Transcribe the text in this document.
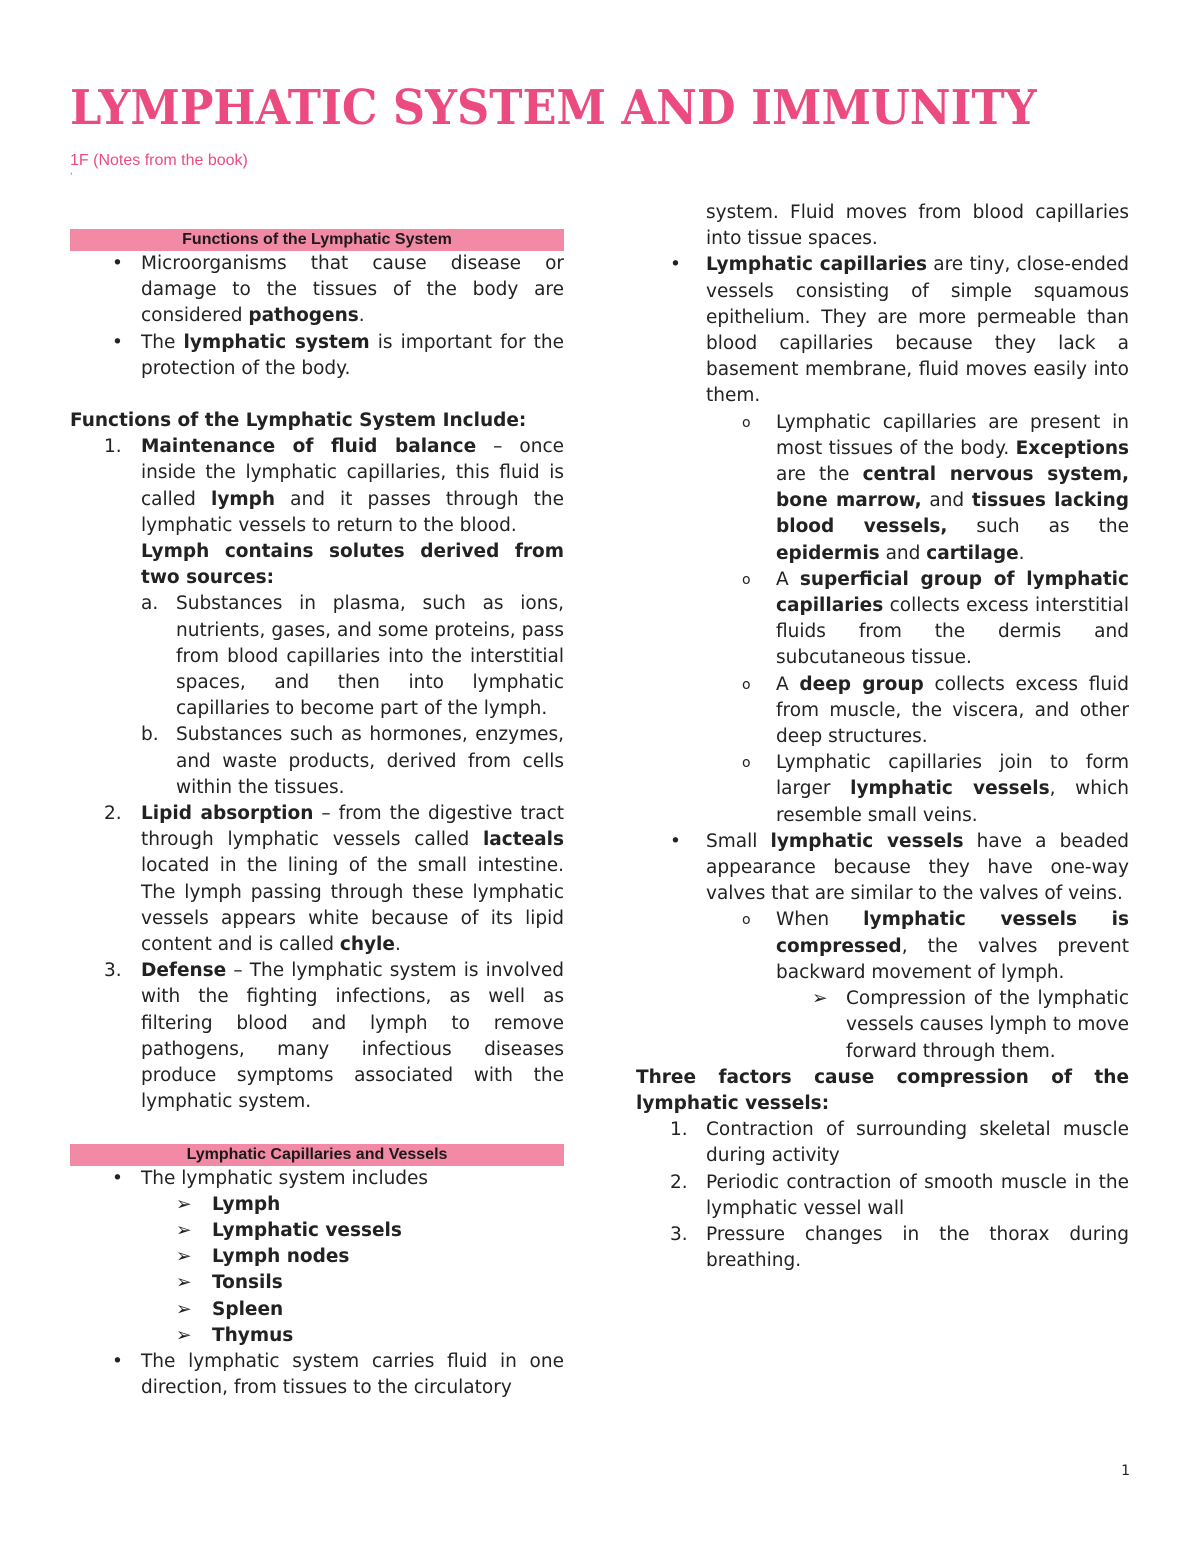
LYMPHATIC SYSTEM AND IMMUNITY
1F (Notes from the book)
'
Functions of the Lymphatic System
• Microorganisms that cause disease or damage to the tissues of the body are considered pathogens.

• The lymphatic system is important for the protection of the body.

Functions of the Lymphatic System Include:

1. Maintenance of fluid balance – once inside the lymphatic capillaries, this fluid is called lymph and it passes through the lymphatic vessels to return to the blood.

Lymph contains solutes derived from two sources:

a. Substances in plasma, such as ions, nutrients, gases, and some proteins, pass from blood capillaries into the interstitial spaces, and then into lymphatic capillaries to become part of the lymph.

b. Substances such as hormones, enzymes, and waste products, derived from cells within the tissues.

2. Lipid absorption – from the digestive tract through lymphatic vessels called lacteals located in the lining of the small intestine. The lymph passing through these lymphatic vessels appears white because of its lipid content and is called chyle.

3. Defense – The lymphatic system is involved with the fighting infections, as well as filtering blood and lymph to remove pathogens, many infectious diseases produce symptoms associated with the lymphatic system.

Lymphatic Capillaries and Vessels
• The lymphatic system includes

➢ Lymph

➢ Lymphatic vessels

➢ Lymph nodes

➢ Tonsils

➢ Spleen

➢ Thymus

• The lymphatic system carries fluid in one direction, from tissues to the circulatory

system. Fluid moves from blood capillaries into tissue spaces.

• Lymphatic capillaries are tiny, close-ended vessels consisting of simple squamous epithelium. They are more permeable than blood capillaries because they lack a basement membrane, fluid moves easily into them.

o Lymphatic capillaries are present in most tissues of the body. Exceptions are the central nervous system, bone marrow, and tissues lacking blood vessels, such as the epidermis and cartilage.

o A superficial group of lymphatic capillaries collects excess interstitial fluids from the dermis and subcutaneous tissue.

o A deep group collects excess fluid from muscle, the viscera, and other deep structures.

o Lymphatic capillaries join to form larger lymphatic vessels, which resemble small veins.

• Small lymphatic vessels have a beaded appearance because they have one-way valves that are similar to the valves of veins.

o When lymphatic vessels is compressed, the valves prevent backward movement of lymph.

➢ Compression of the lymphatic vessels causes lymph to move forward through them.

Three factors cause compression of the lymphatic vessels:

1. Contraction of surrounding skeletal muscle during activity

2. Periodic contraction of smooth muscle in the lymphatic vessel wall

3. Pressure changes in the thorax during breathing.

1
